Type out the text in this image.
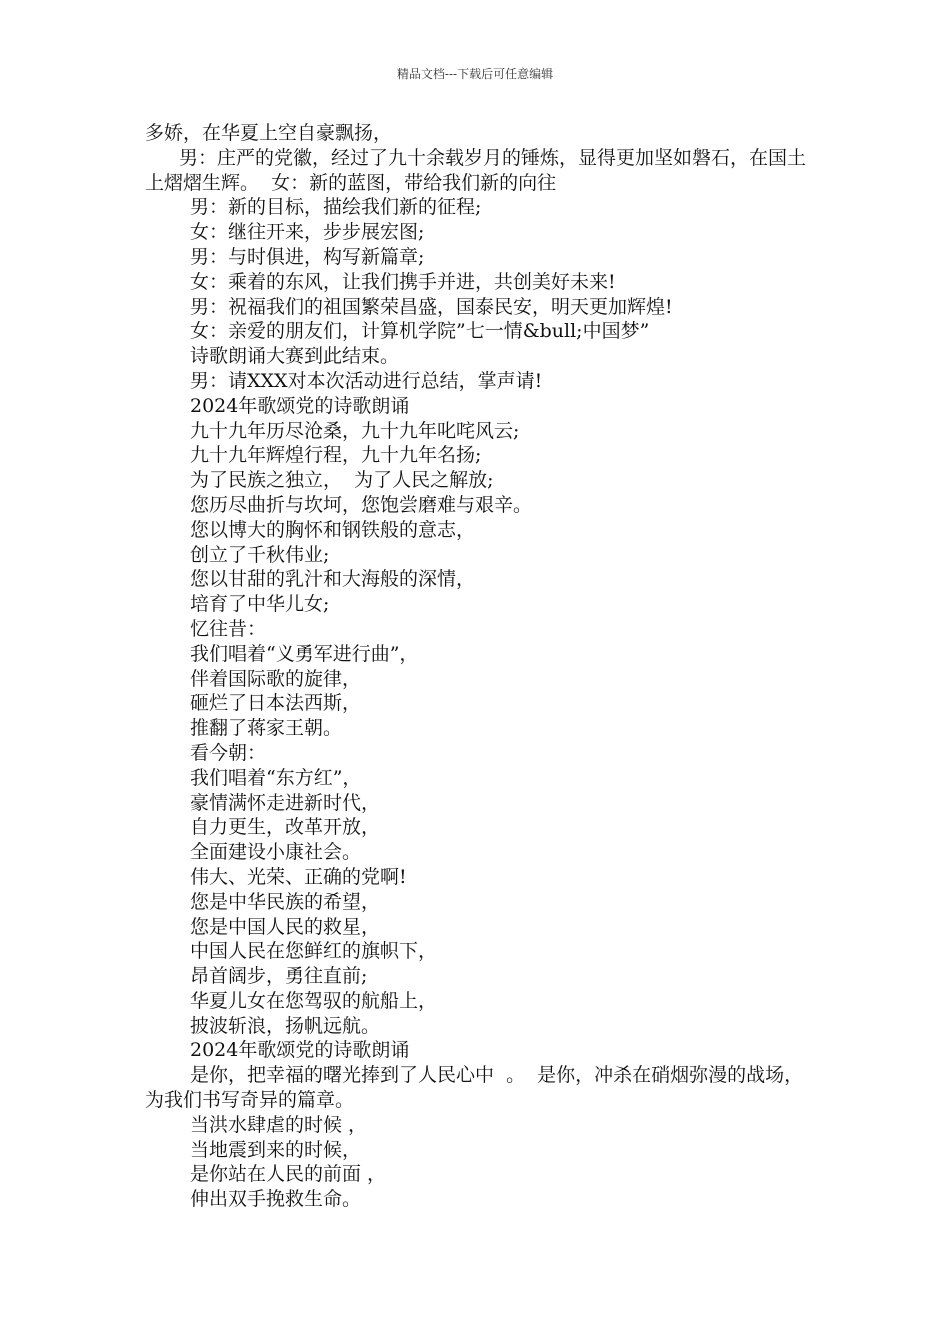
精品文档---下载后可任意编辑

多娇，在华夏上空自豪飘扬，

男：庄严的党徽，经过了九十余载岁月的锤炼，显得更加坚如磐石，在国土上熠熠生辉。  女：新的蓝图，带给我们新的向往

男：新的目标，描绘我们新的征程;

女：继往开来，步步展宏图;

男：与时俱进，构写新篇章;

女：乘着的东风，让我们携手并进，共创美好未来!

男：祝福我们的祖国繁荣昌盛，国泰民安，明天更加辉煌!

女：亲爱的朋友们，计算机学院”七一情&bull;中国梦”

诗歌朗诵大赛到此结束。

男：请XXX对本次活动进行总结，掌声请!

2024年歌颂党的诗歌朗诵

九十九年历尽沧桑，九十九年叱咤风云;

九十九年辉煌行程，九十九年名扬;

为了民族之独立，  为了人民之解放;

您历尽曲折与坎坷，您饱尝磨难与艰辛。

您以博大的胸怀和钢铁般的意志，

创立了千秋伟业;

您以甘甜的乳汁和大海般的深情，

培育了中华儿女;

忆往昔：

我们唱着“义勇军进行曲”，

伴着国际歌的旋律，

砸烂了日本法西斯，

推翻了蒋家王朝。

看今朝：

我们唱着“东方红”，

豪情满怀走进新时代，

自力更生，改革开放，

全面建设小康社会。

伟大、光荣、正确的党啊!

您是中华民族的希望，

您是中国人民的救星，

中国人民在您鲜红的旗帜下，

昂首阔步，勇往直前;

华夏儿女在您驾驭的航船上，

披波斩浪，扬帆远航。

2024年歌颂党的诗歌朗诵

是你，把幸福的曙光捧到了人民心中  。  是你，冲杀在硝烟弥漫的战场，  为我们书写奇异的篇章。

当洪水肆虐的时候 ，

当地震到来的时候，

是你站在人民的前面 ，

伸出双手挽救生命。
